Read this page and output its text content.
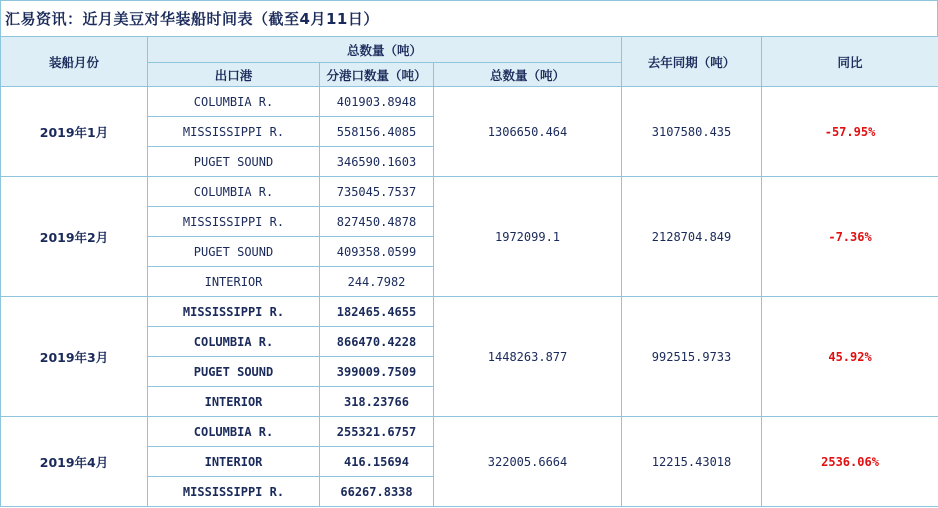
汇易资讯：近月美豆对华装船时间表（截至4月11日）
装船月份	总数量（吨）			去年同期（吨）	同比
	出口港	分港口数量（吨）	总数量（吨）		
2019年1月	COLUMBIA R.	401903.8948	1306650.464	3107580.435	-57.95%
	MISSISSIPPI R.	558156.4085			
	PUGET SOUND	346590.1603			
2019年2月	COLUMBIA R.	735045.7537	1972099.1	2128704.849	-7.36%
	MISSISSIPPI R.	827450.4878			
	PUGET SOUND	409358.0599			
	INTERIOR	244.7982			
2019年3月	MISSISSIPPI R.	182465.4655	1448263.877	992515.9733	45.92%
	COLUMBIA R.	866470.4228			
	PUGET SOUND	399009.7509			
	INTERIOR	318.23766			
2019年4月	COLUMBIA R.	255321.6757	322005.6664	12215.43018	2536.06%
	INTERIOR	416.15694			
	MISSISSIPPI R.	66267.8338			
